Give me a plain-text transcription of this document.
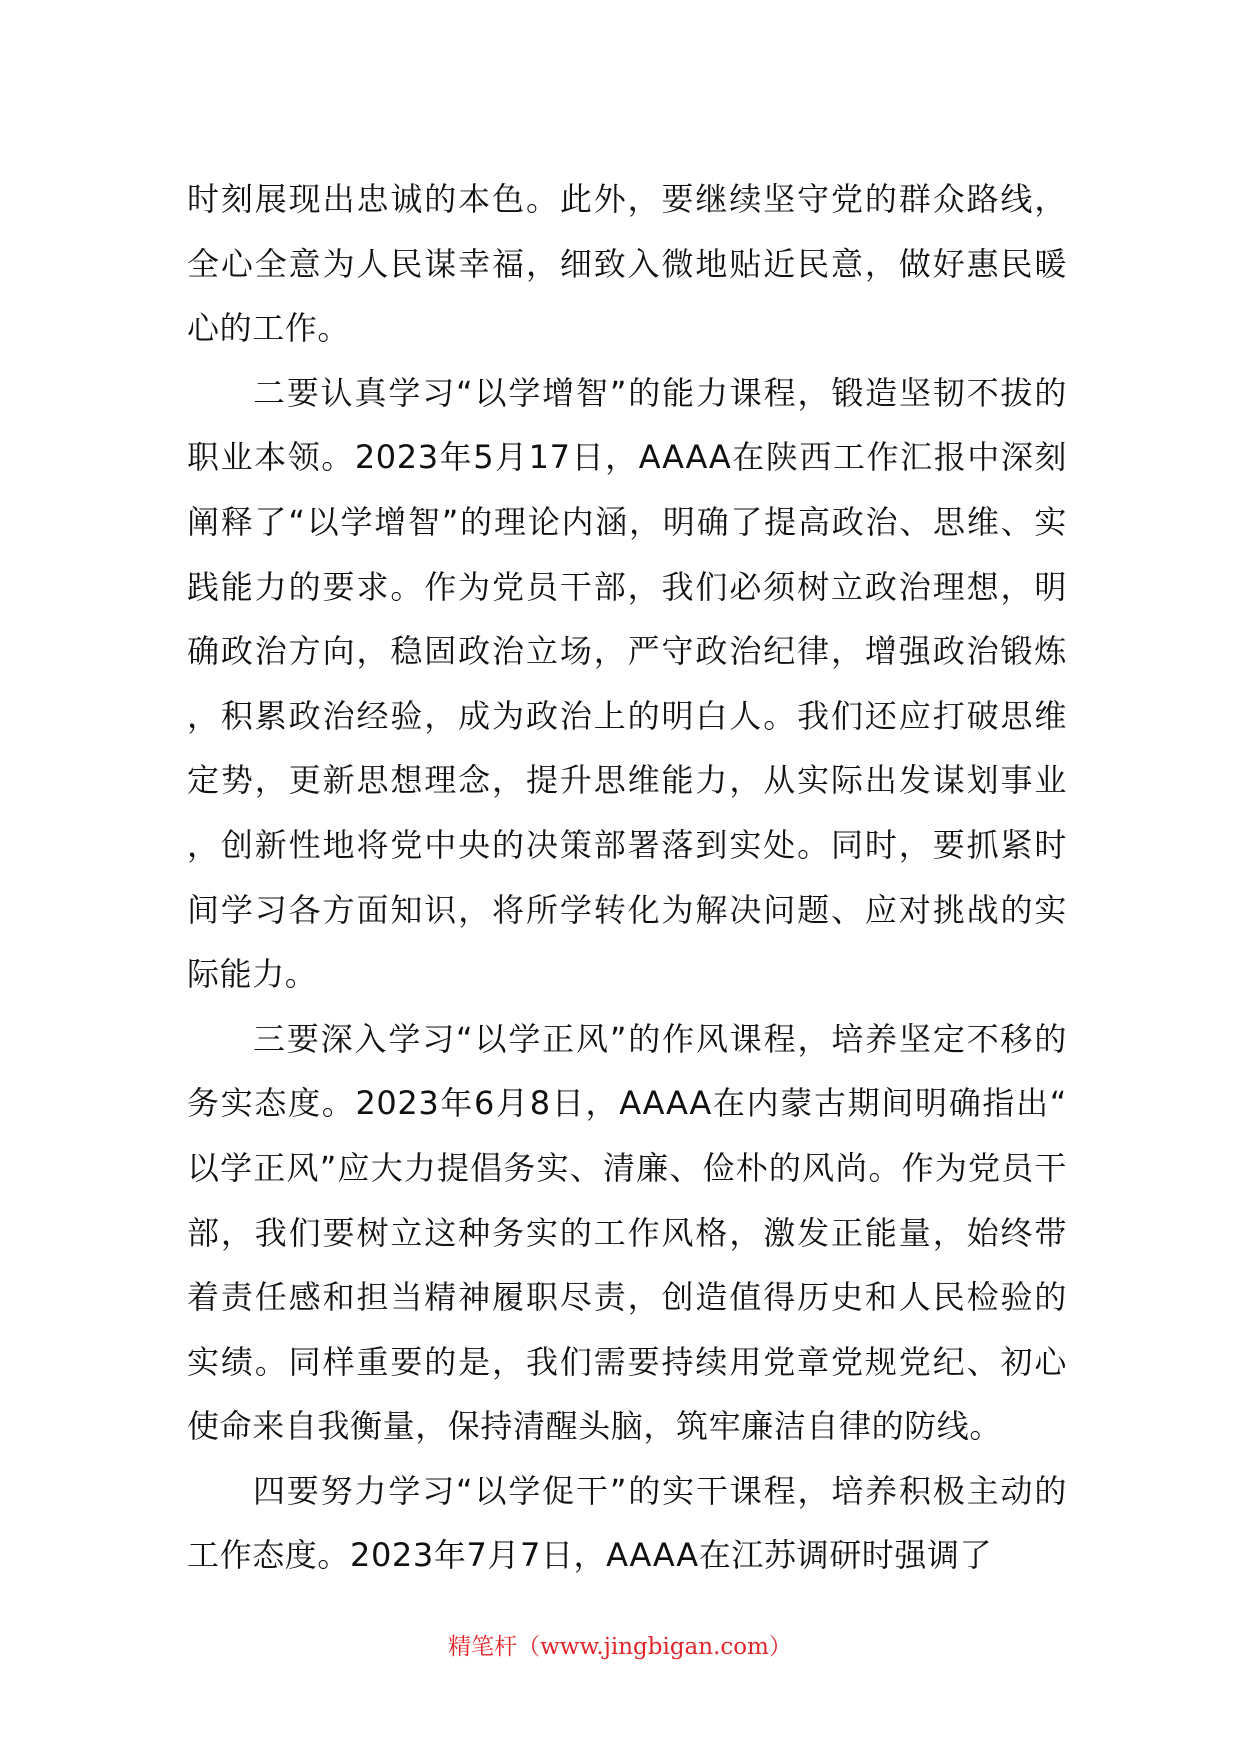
时刻展现出忠诚的本色。此外，要继续坚守党的群众路线，全心全意为人民谋幸福，细致入微地贴近民意，做好惠民暖心的工作。

二要认真学习“以学增智”的能力课程，锻造坚韧不拔的职业本领。2023年5月17日，AAAA在陕西工作汇报中深刻阐释了“以学增智”的理论内涵，明确了提高政治、思维、实践能力的要求。作为党员干部，我们必须树立政治理想，明确政治方向，稳固政治立场，严守政治纪律，增强政治锻炼，积累政治经验，成为政治上的明白人。我们还应打破思维定势，更新思想理念，提升思维能力，从实际出发谋划事业，创新性地将党中央的决策部署落到实处。同时，要抓紧时间学习各方面知识，将所学转化为解决问题、应对挑战的实际能力。

三要深入学习“以学正风”的作风课程，培养坚定不移的务实态度。2023年6月8日，AAAA在内蒙古期间明确指出“以学正风”应大力提倡务实、清廉、俭朴的风尚。作为党员干部，我们要树立这种务实的工作风格，激发正能量，始终带着责任感和担当精神履职尽责，创造值得历史和人民检验的实绩。同样重要的是，我们需要持续用党章党规党纪、初心使命来自我衡量，保持清醒头脑，筑牢廉洁自律的防线。

四要努力学习“以学促干”的实干课程，培养积极主动的工作态度。2023年7月7日，AAAA在江苏调研时强调了

精笔杆（www.jingbigan.com）
